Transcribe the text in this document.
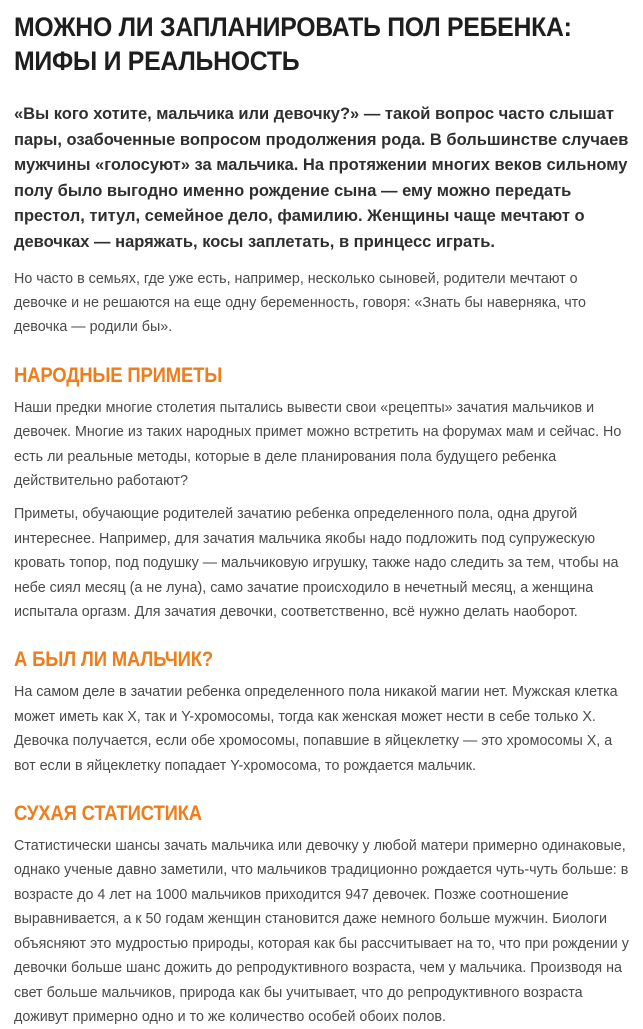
МОЖНО ЛИ ЗАПЛАНИРОВАТЬ ПОЛ РЕБЕНКА: МИФЫ И РЕАЛЬНОСТЬ

«Вы кого хотите, мальчика или девочку?» — такой вопрос часто слышат пары, озабоченные вопросом продолжения рода. В большинстве случаев мужчины «голосуют» за мальчика. На протяжении многих веков сильному полу было выгодно именно рождение сына — ему можно передать престол, титул, семейное дело, фамилию. Женщины чаще мечтают о девочках — наряжать, косы заплетать, в принцесс играть.

Но часто в семьях, где уже есть, например, несколько сыновей, родители мечтают о девочке и не решаются на еще одну беременность, говоря: «Знать бы наверняка, что девочка — родили бы».

НАРОДНЫЕ ПРИМЕТЫ

Наши предки многие столетия пытались вывести свои «рецепты» зачатия мальчиков и девочек. Многие из таких народных примет можно встретить на форумах мам и сейчас. Но есть ли реальные методы, которые в деле планирования пола будущего ребенка действительно работают?

Приметы, обучающие родителей зачатию ребенка определенного пола, одна другой интереснее. Например, для зачатия мальчика якобы надо подложить под супружескую кровать топор, под подушку — мальчиковую игрушку, также надо следить за тем, чтобы на небе сиял месяц (а не луна), само зачатие происходило в нечетный месяц, а женщина испытала оргазм. Для зачатия девочки, соответственно, всё нужно делать наоборот.

А БЫЛ ЛИ МАЛЬЧИК?

На самом деле в зачатии ребенка определенного пола никакой магии нет. Мужская клетка может иметь как X, так и Y-хромосомы, тогда как женская может нести в себе только X. Девочка получается, если обе хромосомы, попавшие в яйцеклетку — это хромосомы X, а вот если в яйцеклетку попадает Y-хромосома, то рождается мальчик.

СУХАЯ СТАТИСТИКА

Статистически шансы зачать мальчика или девочку у любой матери примерно одинаковые, однако ученые давно заметили, что мальчиков традиционно рождается чуть-чуть больше: в возрасте до 4 лет на 1000 мальчиков приходится 947 девочек. Позже соотношение выравнивается, а к 50 годам женщин становится даже немного больше мужчин. Биологи объясняют это мудростью природы, которая как бы рассчитывает на то, что при рождении у девочки больше шанс дожить до репродуктивного возраста, чем у мальчика. Производя на свет больше мальчиков, природа как бы учитывает, что до репродуктивного возраста доживут примерно одно и то же количество особей обоих полов.
